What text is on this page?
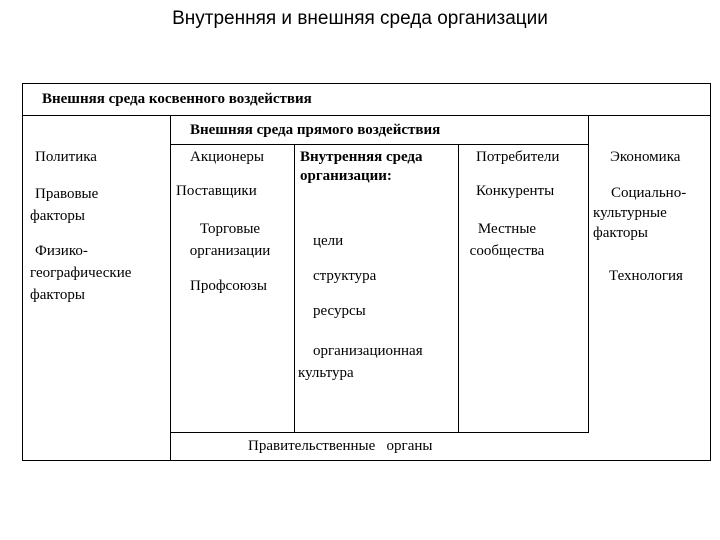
Внутренняя и внешняя среда организации
Внешняя среда косвенного воздействия
Внешняя среда прямого воздействия
Политика
Правовые факторы
Физико-географические факторы
Акционеры
Поставщики
Торговые организации
Профсоюзы
Внутренняя среда организации:
цели
структура
ресурсы
организационная культура
Потребители
Конкуренты
Местные сообщества
Правительственные   органы
Экономика
Социально-культурные факторы
Технология
